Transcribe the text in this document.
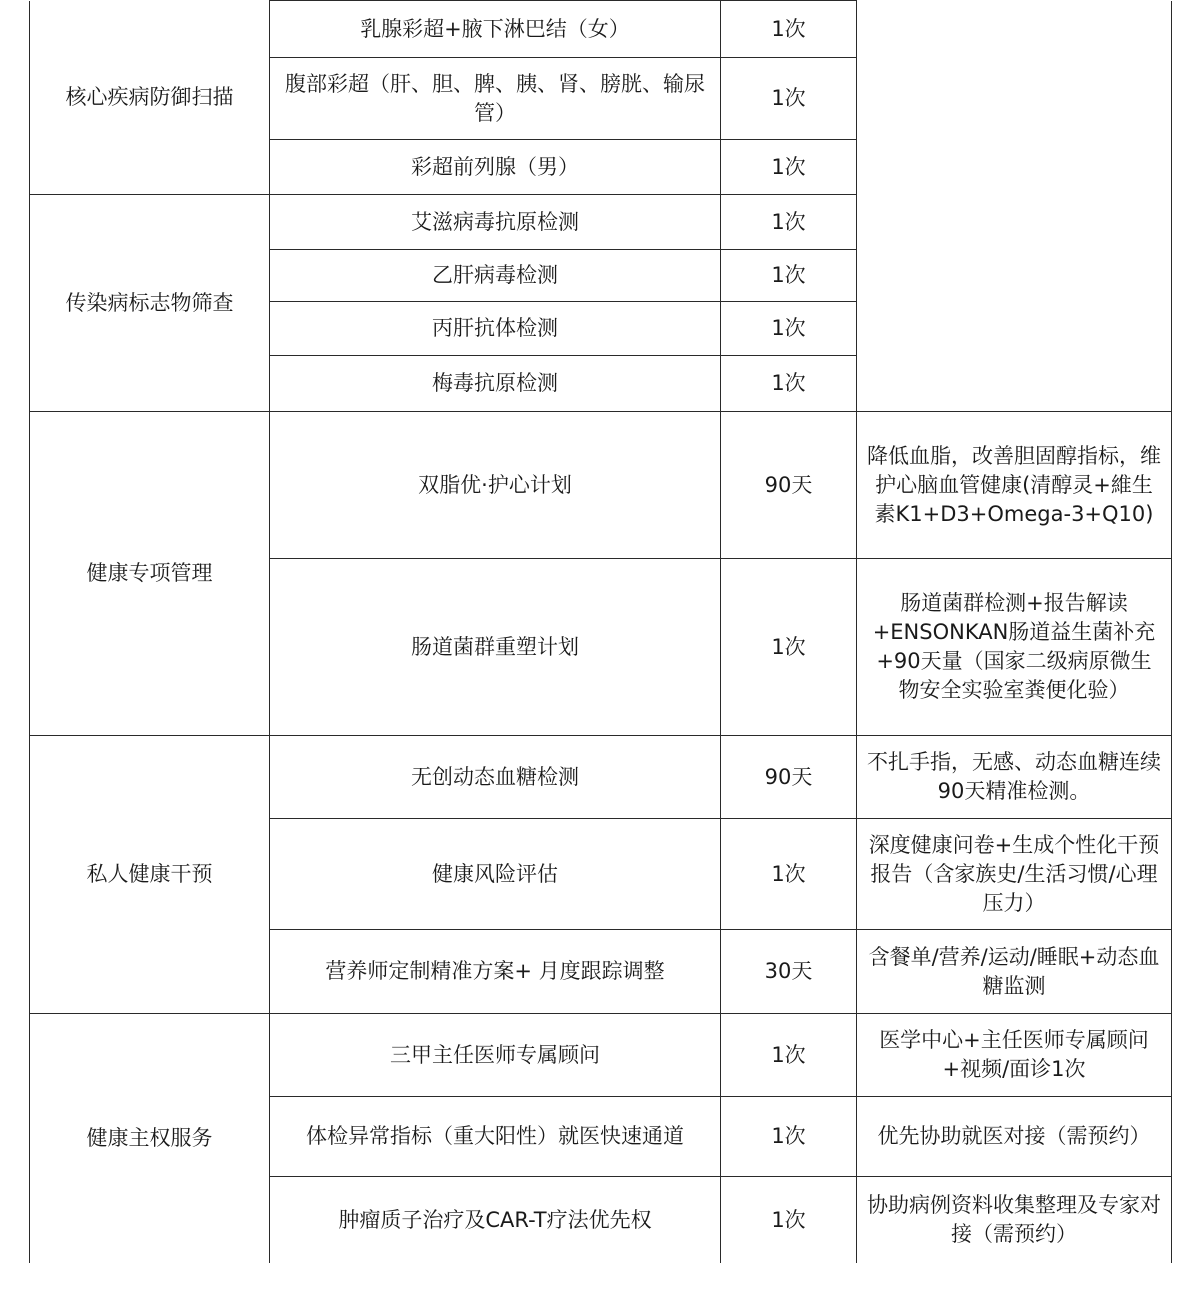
核心疾病防御扫描	乳腺彩超+腋下淋巴结（女）	1次	
	腹部彩超（肝、胆、脾、胰、肾、膀胱、输尿管）	1次	
	彩超前列腺（男）	1次	
传染病标志物筛查	艾滋病毒抗原检测	1次	
	乙肝病毒检测	1次	
	丙肝抗体检测	1次	
	梅毒抗原检测	1次	
健康专项管理	双脂优·护心计划	90天	降低血脂，改善胆固醇指标，维护心脑血管健康(清醇灵+維生素K1+D3+Omega-3+Q10)
	肠道菌群重塑计划	1次	肠道菌群检测+报告解读+ENSONKAN肠道益生菌补充+90天量（国家二级病原微生物安全实验室粪便化验）
私人健康干预	无创动态血糖检测	90天	不扎手指，无感、动态血糖连续90天精准检测。
	健康风险评估	1次	深度健康问卷+生成个性化干预报告（含家族史/生活习惯/心理压力）
	营养师定制精准方案+ 月度跟踪调整	30天	含餐单/营养/运动/睡眠+动态血糖监测
健康主权服务	三甲主任医师专属顾问	1次	医学中心+主任医师专属顾问+视频/面诊1次
	体检异常指标（重大阳性）就医快速通道	1次	优先协助就医对接（需预约）
	肿瘤质子治疗及CAR-T疗法优先权	1次	协助病例资料收集整理及专家对接（需预约）
